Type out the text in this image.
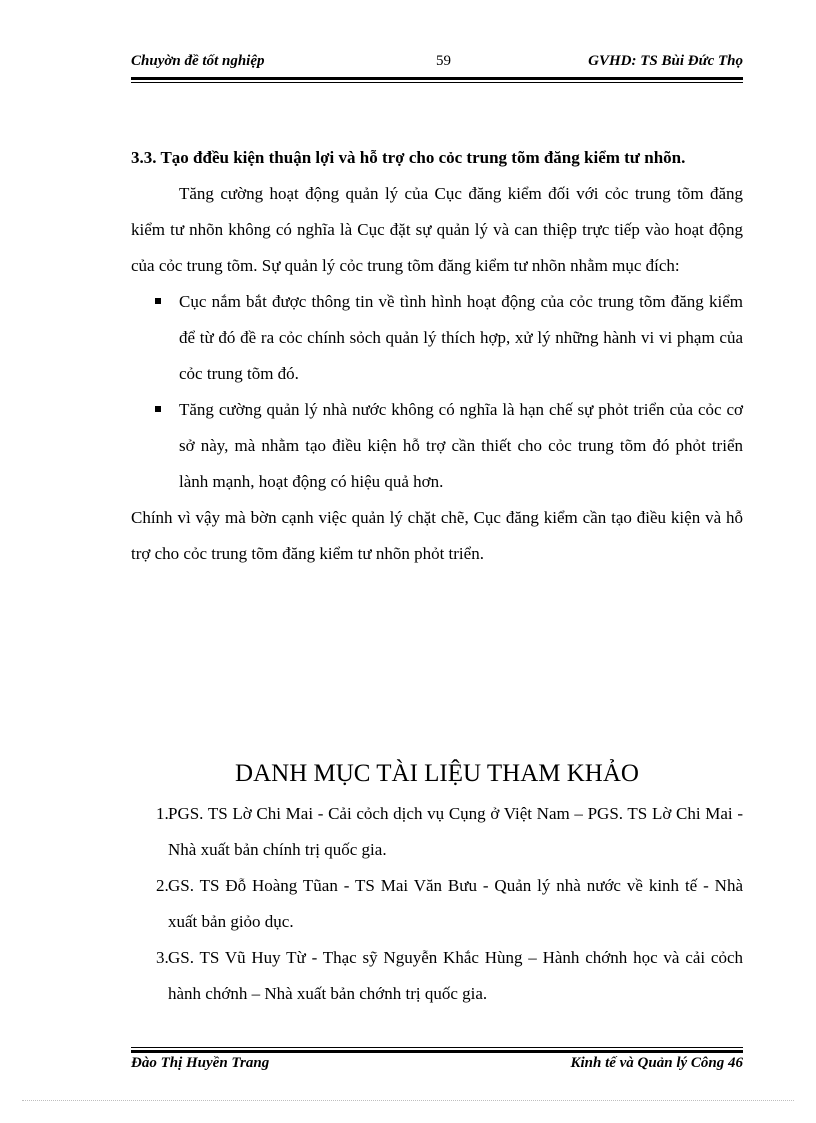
Chuyờn đề tốt nghiệp	59	GVHD: TS Bùi Đức Thọ

3.3. Tạo đđều kiện thuận lợi và hỗ trợ cho cỏc trung tõm đăng kiểm tư nhõn.

Tăng cường hoạt động quản lý của Cục đăng kiểm đối với cỏc trung tõm đăng kiểm tư nhõn không có nghĩa là Cục đặt sự quản lý và can thiệp trực tiếp vào hoạt động của cỏc trung tõm. Sự quản lý cỏc trung tõm đăng kiểm tư nhõn nhằm mục đích:

Cục nắm bắt được thông tin về tình hình hoạt động của cỏc trung tõm đăng kiểm để từ đó đề ra cỏc chính sỏch quản lý thích hợp, xử lý những hành vi vi phạm của cỏc trung tõm đó.
Tăng cường quản lý nhà nước không có nghĩa là hạn chế sự phỏt triển của cỏc cơ sở này, mà nhằm tạo điều kiện hỗ trợ cần thiết cho cỏc trung tõm đó phỏt triển lành mạnh, hoạt động có hiệu quả hơn.

Chính vì vậy mà bờn cạnh việc quản lý chặt chẽ, Cục đăng kiểm cần tạo điều kiện và hỗ trợ cho cỏc trung tõm đăng kiểm tư nhõn phỏt triển.

DANH MỤC TÀI LIỆU THAM KHẢO
1. PGS. TS Lờ Chi Mai - Cải cỏch dịch vụ Cụng ở Việt Nam – PGS. TS Lờ Chi Mai - Nhà xuất bản chính trị quốc gia.
2. GS. TS Đỗ Hoàng Tũan - TS Mai Văn Bưu - Quản lý nhà nước về kinh tế - Nhà xuất bản giỏo dục.
3. GS. TS Vũ Huy Từ - Thạc sỹ Nguyễn Khắc Hùng – Hành chớnh học và cải cỏch hành chớnh – Nhà xuất bản chớnh trị quốc gia.
Đào Thị Huyền Trang	Kinh tế và Quản lý Công 46
